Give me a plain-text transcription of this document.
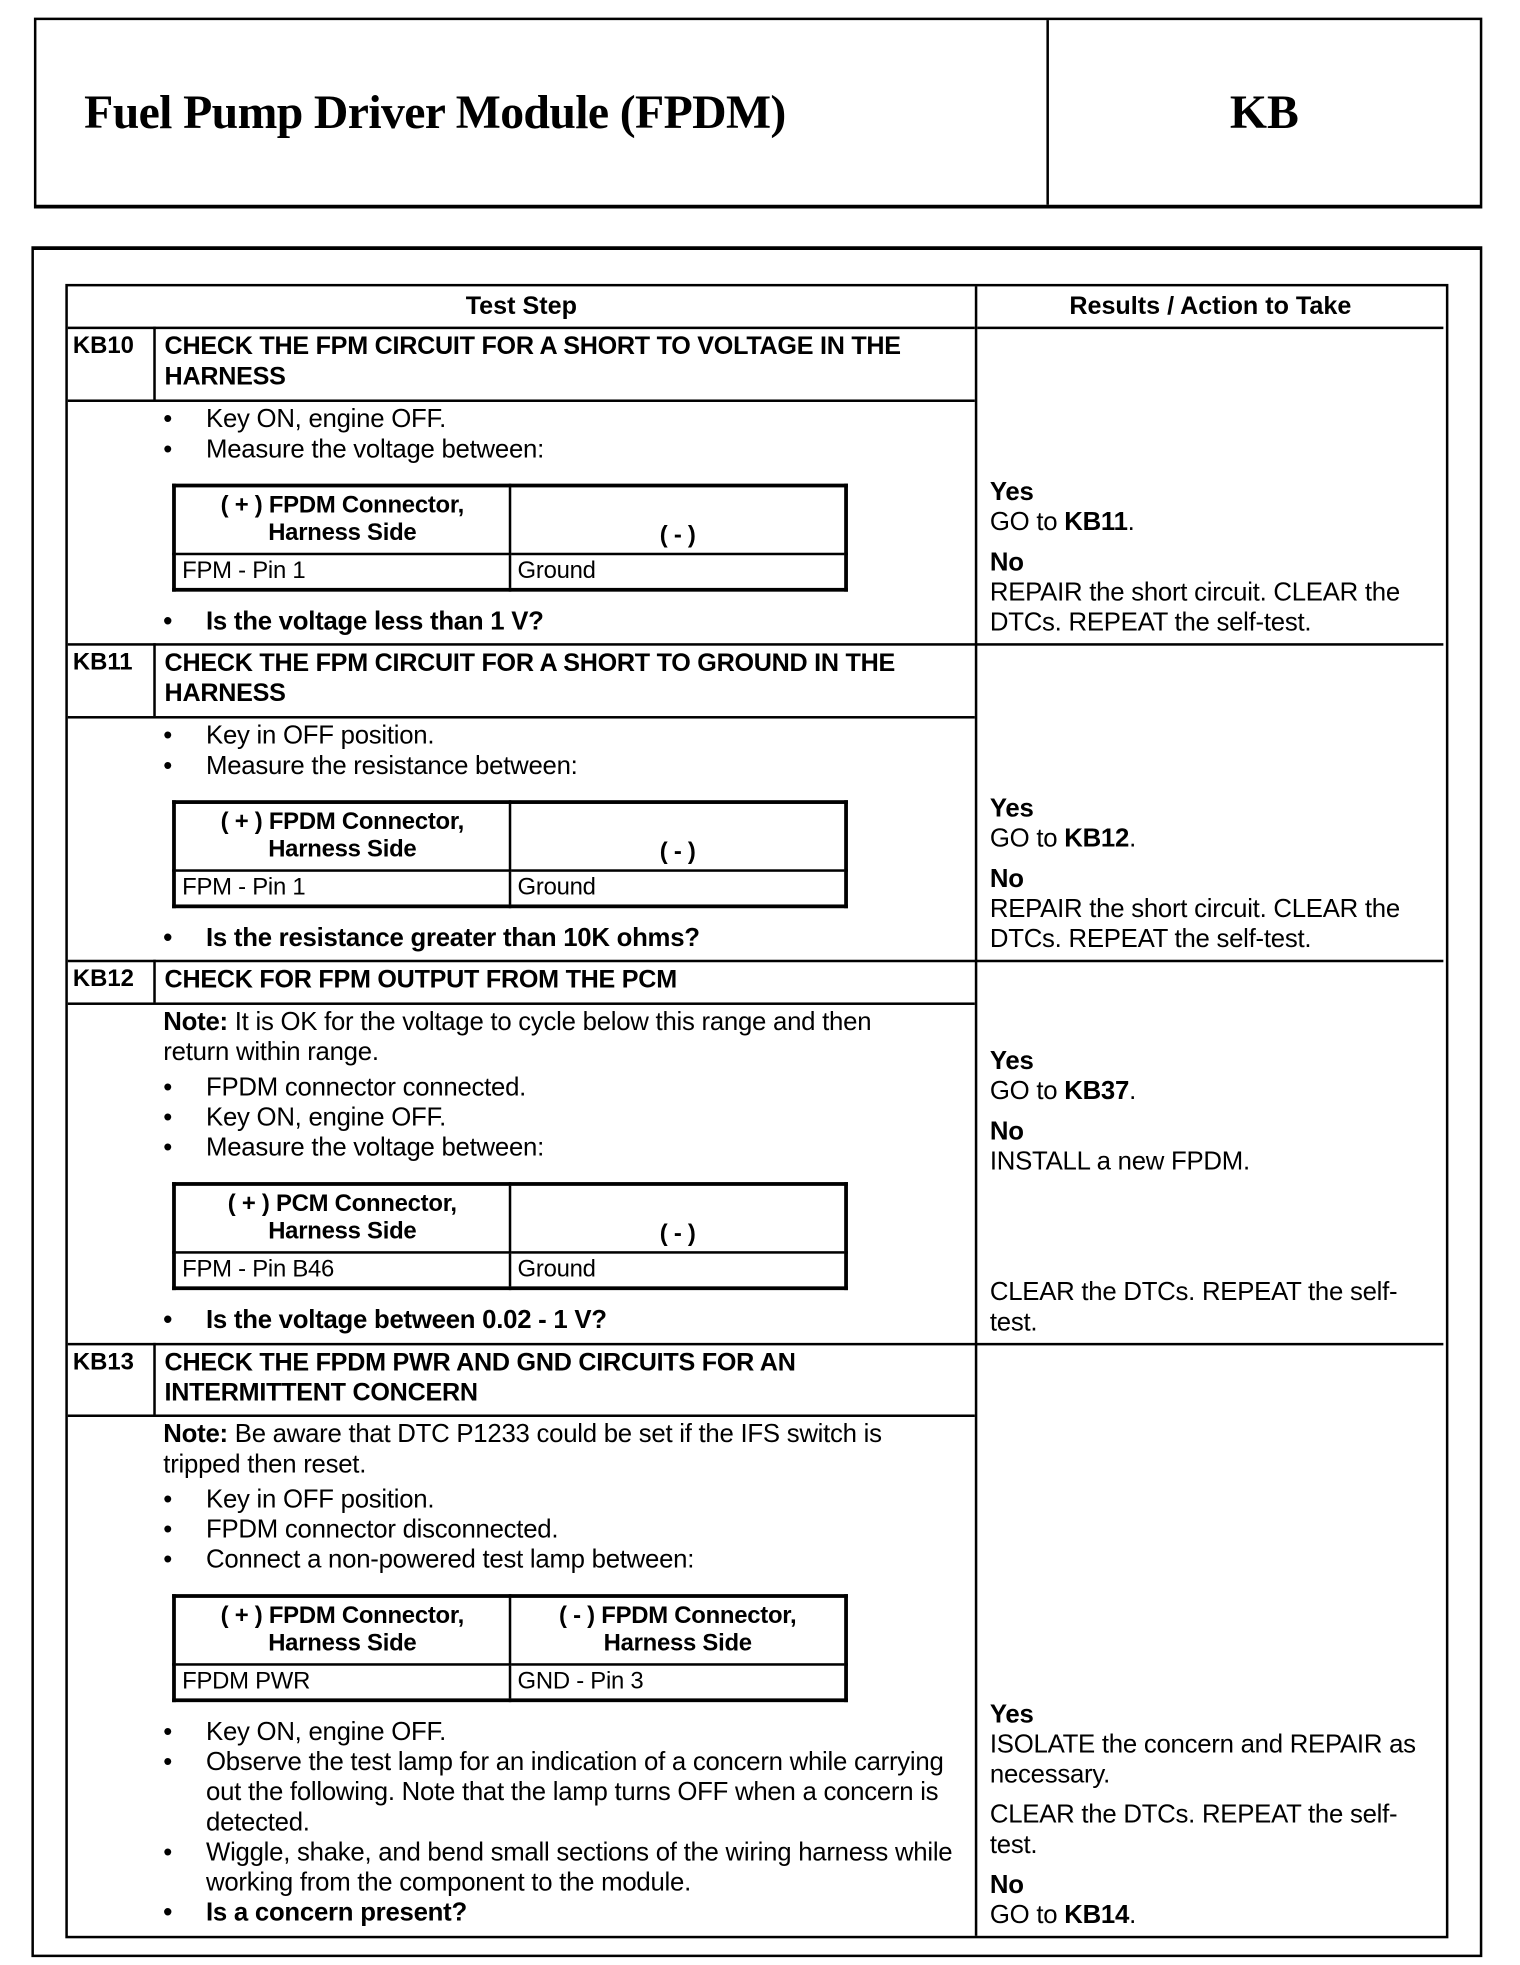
Fuel Pump Driver Module (FPDM)	KB
Test Step	Results / Action to Take
KB10 CHECK THE FPM CIRCUIT FOR A SHORT TO VOLTAGE IN THE HARNESS
• Key ON, engine OFF.
• Measure the voltage between:
( + ) FPDM Connector, Harness Side	( - )
FPM - Pin 1	Ground
• Is the voltage less than 1 V?
Yes
GO to KB11.
No
REPAIR the short circuit. CLEAR the DTCs. REPEAT the self-test.
KB11 CHECK THE FPM CIRCUIT FOR A SHORT TO GROUND IN THE HARNESS
• Key in OFF position.
• Measure the resistance between:
( + ) FPDM Connector, Harness Side	( - )
FPM - Pin 1	Ground
• Is the resistance greater than 10K ohms?
Yes
GO to KB12.
No
REPAIR the short circuit. CLEAR the DTCs. REPEAT the self-test.
KB12 CHECK FOR FPM OUTPUT FROM THE PCM
Note: It is OK for the voltage to cycle below this range and then return within range.
• FPDM connector connected.
• Key ON, engine OFF.
• Measure the voltage between:
( + ) PCM Connector, Harness Side	( - )
FPM - Pin B46	Ground
• Is the voltage between 0.02 - 1 V?
Yes
GO to KB37.
No
INSTALL a new FPDM.
CLEAR the DTCs. REPEAT the self-test.
KB13 CHECK THE FPDM PWR AND GND CIRCUITS FOR AN INTERMITTENT CONCERN
Note: Be aware that DTC P1233 could be set if the IFS switch is tripped then reset.
• Key in OFF position.
• FPDM connector disconnected.
• Connect a non-powered test lamp between:
( + ) FPDM Connector, Harness Side	( - ) FPDM Connector, Harness Side
FPDM PWR	GND - Pin 3
• Key ON, engine OFF.
• Observe the test lamp for an indication of a concern while carrying out the following. Note that the lamp turns OFF when a concern is detected.
• Wiggle, shake, and bend small sections of the wiring harness while working from the component to the module.
• Is a concern present?
Yes
ISOLATE the concern and REPAIR as necessary.
CLEAR the DTCs. REPEAT the self-test.
No
GO to KB14.
